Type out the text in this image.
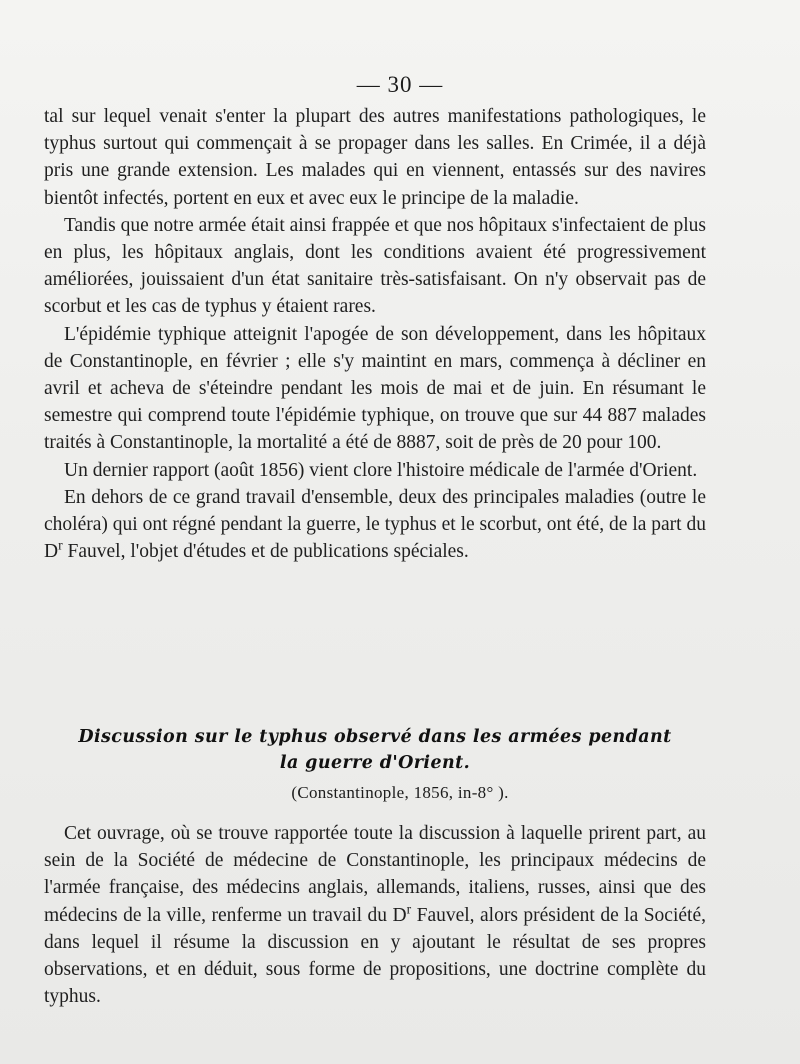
— 30 —

tal sur lequel venait s'enter la plupart des autres manifestations pathologiques, le typhus surtout qui commençait à se propager dans les salles. En Crimée, il a déjà pris une grande extension. Les malades qui en viennent, entassés sur des navires bientôt infectés, portent en eux et avec eux le principe de la maladie.

Tandis que notre armée était ainsi frappée et que nos hôpitaux s'infectaient de plus en plus, les hôpitaux anglais, dont les conditions avaient été progressivement améliorées, jouissaient d'un état sanitaire très-satisfaisant. On n'y observait pas de scorbut et les cas de typhus y étaient rares.

L'épidémie typhique atteignit l'apogée de son développement, dans les hôpitaux de Constantinople, en février ; elle s'y maintint en mars, commença à décliner en avril et acheva de s'éteindre pendant les mois de mai et de juin. En résumant le semestre qui comprend toute l'épidémie typhique, on trouve que sur 44 887 malades traités à Constantinople, la mortalité a été de 8887, soit de près de 20 pour 100.

Un dernier rapport (août 1856) vient clore l'histoire médicale de l'armée d'Orient.

En dehors de ce grand travail d'ensemble, deux des principales maladies (outre le choléra) qui ont régné pendant la guerre, le typhus et le scorbut, ont été, de la part du $D^r$ Fauvel, l'objet d'études et de publications spéciales.

Discussion sur le typhus observé dans les armées pendant
la guerre d'Orient.
(Constantinople, 1856, in-8° ).

Cet ouvrage, où se trouve rapportée toute la discussion à laquelle prirent part, au sein de la Société de médecine de Constantinople, les principaux médecins de l'armée française, des médecins anglais, allemands, italiens, russes, ainsi que des médecins de la ville, renferme un travail du $D^r$ Fauvel, alors président de la Société, dans lequel il résume la discussion en y ajoutant le résultat de ses propres observations, et en déduit, sous forme de propositions, une doctrine complète du typhus.
